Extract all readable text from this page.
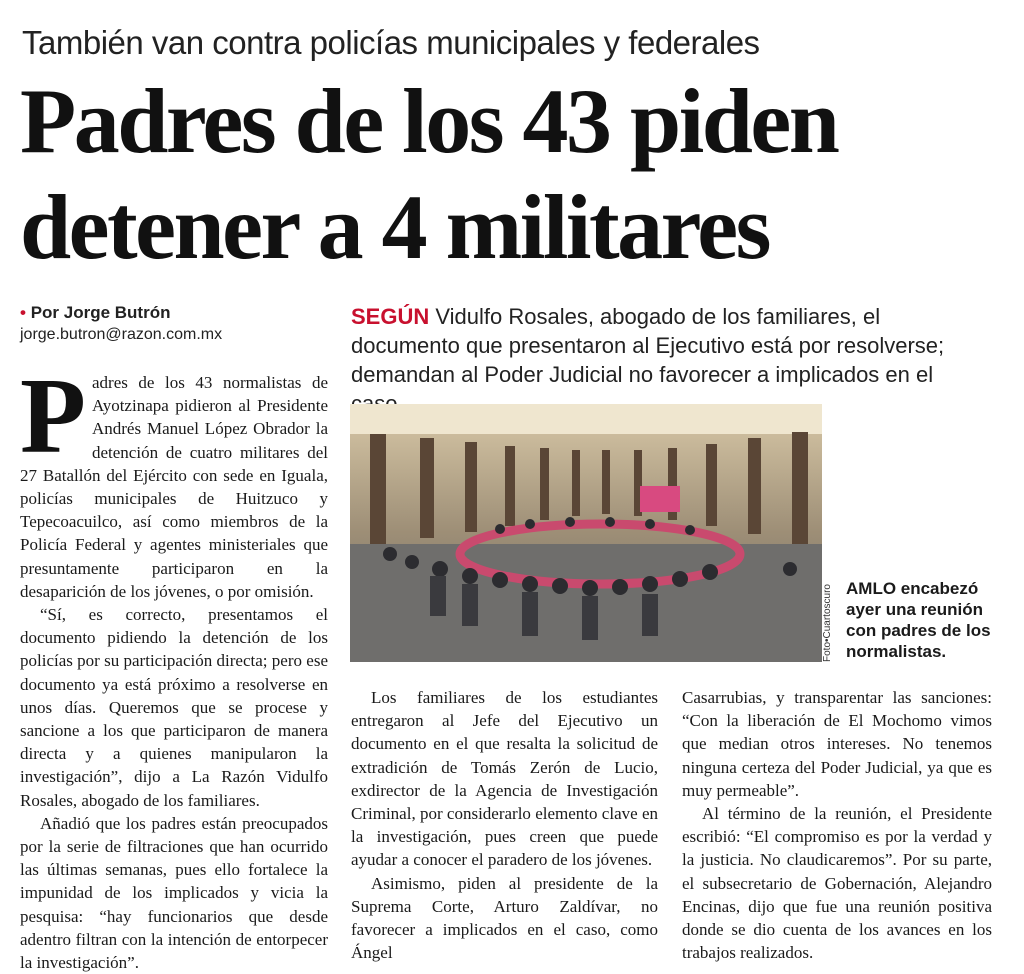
También van contra policías municipales y federales
Padres de los 43 piden detener a 4 militares
• Por Jorge Butrón
jorge.butron@razon.com.mx
SEGÚN Vidulfo Rosales, abogado de los familiares, el documento que presentaron al Ejecutivo está por resolverse; demandan al Poder Judicial no favorecer a implicados en el
P adres de los 43 normalistas de Ayotzinapa pidieron al Presidente Andrés Manuel López Obrador la detención de cuatro militares del 27 Batallón del Ejército con sede en Iguala, policías municipales de Huitzuco y Tepecoacuilco, así como miembros de la Policía Federal y agentes ministeriales que presuntamente participaron en la desaparición de los jóvenes, o por omisión.

“Sí, es correcto, presentamos el documento pidiendo la detención de los policías por su participación directa; pero ese documento ya está próximo a resolverse en unos días. Queremos que se procese y sancione a los que participaron de manera directa y a quienes manipularon la investigación”, dijo a La Razón Vidulfo Rosales, abogado de los familiares.

Añadió que los padres están preocupados por la serie de filtraciones que han ocurrido las últimas semanas, pues ello fortalece la impunidad de los implicados y vicia la pesquisa: “hay funcionarios que desde adentro filtran con la intención de entorpecer la investigación”.

Foto•Cuartoscuro AMLO encabezó ayer una reunión con padres de los normalistas.

Los familiares de los estudiantes entregaron al Jefe del Ejecutivo un documento en el que resalta la solicitud de extradición de Tomás Zerón de Lucio, exdirector de la Agencia de Investigación Criminal, por considerarlo elemento clave en la investigación, pues creen que puede ayudar a conocer el paradero de los jóvenes.

Asimismo, piden al presidente de la Suprema Corte, Arturo Zaldívar, no favorecer a implicados en el caso, como Ángel

Casarrubias, y transparentar las sanciones: “Con la liberación de El Mochomo vimos que median otros intereses. No tenemos ninguna certeza del Poder Judicial, ya que es muy permeable”.

Al término de la reunión, el Presidente escribió: “El compromiso es por la verdad y la justicia. No claudicaremos”. Por su parte, el subsecretario de Gobernación, Alejandro Encinas, dijo que fue una reunión positiva donde se dio cuenta de los avances en los trabajos realizados.
